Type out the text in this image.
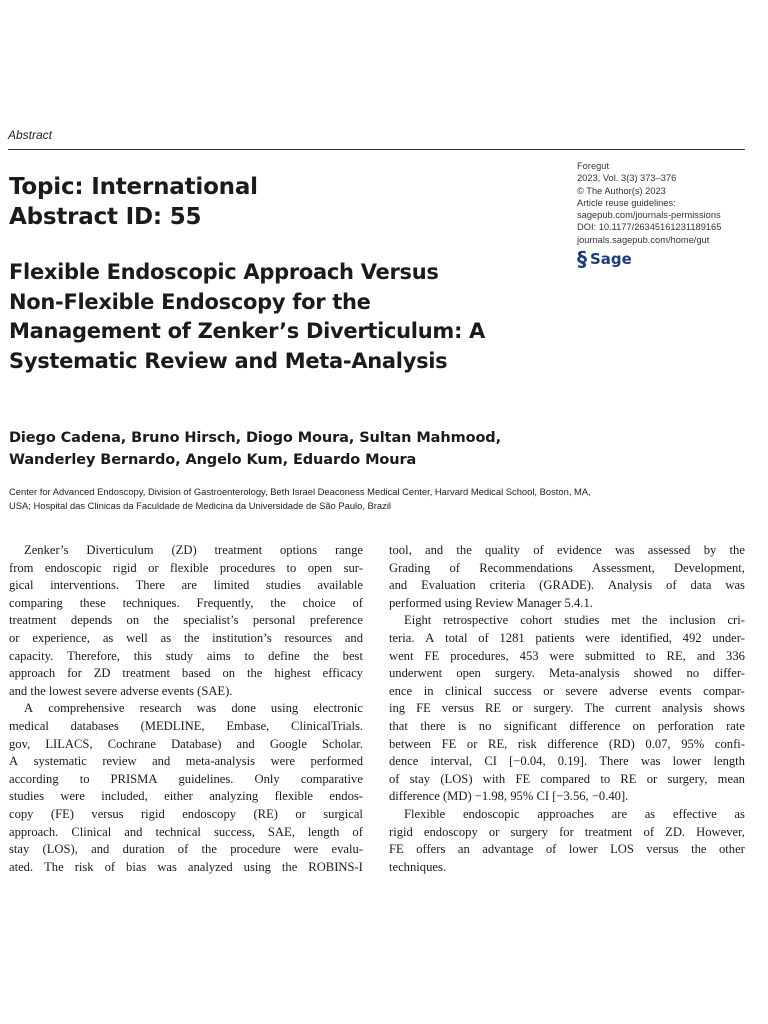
Abstract
Topic: International
Abstract ID: 55
Foregut
2023, Vol. 3(3) 373–376
© The Author(s) 2023
Article reuse guidelines:
sagepub.com/journals-permissions
DOI: 10.1177/26345161231189165
journals.sagepub.com/home/gut
§ Sage
Flexible Endoscopic Approach Versus
Non-Flexible Endoscopy for the
Management of Zenker’s Diverticulum: A
Systematic Review and Meta-Analysis
Diego Cadena, Bruno Hirsch, Diogo Moura, Sultan Mahmood,
Wanderley Bernardo, Angelo Kum, Eduardo Moura
Center for Advanced Endoscopy, Division of Gastroenterology, Beth Israel Deaconess Medical Center, Harvard Medical School, Boston, MA,
USA; Hospital das Clinicas da Faculdade de Medicina da Universidade de São Paulo, Brazil
Zenker’s Diverticulum (ZD) treatment options range
from endoscopic rigid or flexible procedures to open sur-
gical interventions. There are limited studies available
comparing these techniques. Frequently, the choice of
treatment depends on the specialist’s personal preference
or experience, as well as the institution’s resources and
capacity. Therefore, this study aims to define the best
approach for ZD treatment based on the highest efficacy
and the lowest severe adverse events (SAE).
A comprehensive research was done using electronic
medical databases (MEDLINE, Embase, ClinicalTrials.
gov, LILACS, Cochrane Database) and Google Scholar.
A systematic review and meta-analysis were performed
according to PRISMA guidelines. Only comparative
studies were included, either analyzing flexible endos-
copy (FE) versus rigid endoscopy (RE) or surgical
approach. Clinical and technical success, SAE, length of
stay (LOS), and duration of the procedure were evalu-
ated. The risk of bias was analyzed using the ROBINS-I
tool, and the quality of evidence was assessed by the
Grading of Recommendations Assessment, Development,
and Evaluation criteria (GRADE). Analysis of data was
performed using Review Manager 5.4.1.
Eight retrospective cohort studies met the inclusion cri-
teria. A total of 1281 patients were identified, 492 under-
went FE procedures, 453 were submitted to RE, and 336
underwent open surgery. Meta-analysis showed no differ-
ence in clinical success or severe adverse events compar-
ing FE versus RE or surgery. The current analysis shows
that there is no significant difference on perforation rate
between FE or RE, risk difference (RD) 0.07, 95% confi-
dence interval, CI [−0.04, 0.19]. There was lower length
of stay (LOS) with FE compared to RE or surgery, mean
difference (MD) −1.98, 95% CI [−3.56, −0.40].
Flexible endoscopic approaches are as effective as
rigid endoscopy or surgery for treatment of ZD. However,
FE offers an advantage of lower LOS versus the other
techniques.
